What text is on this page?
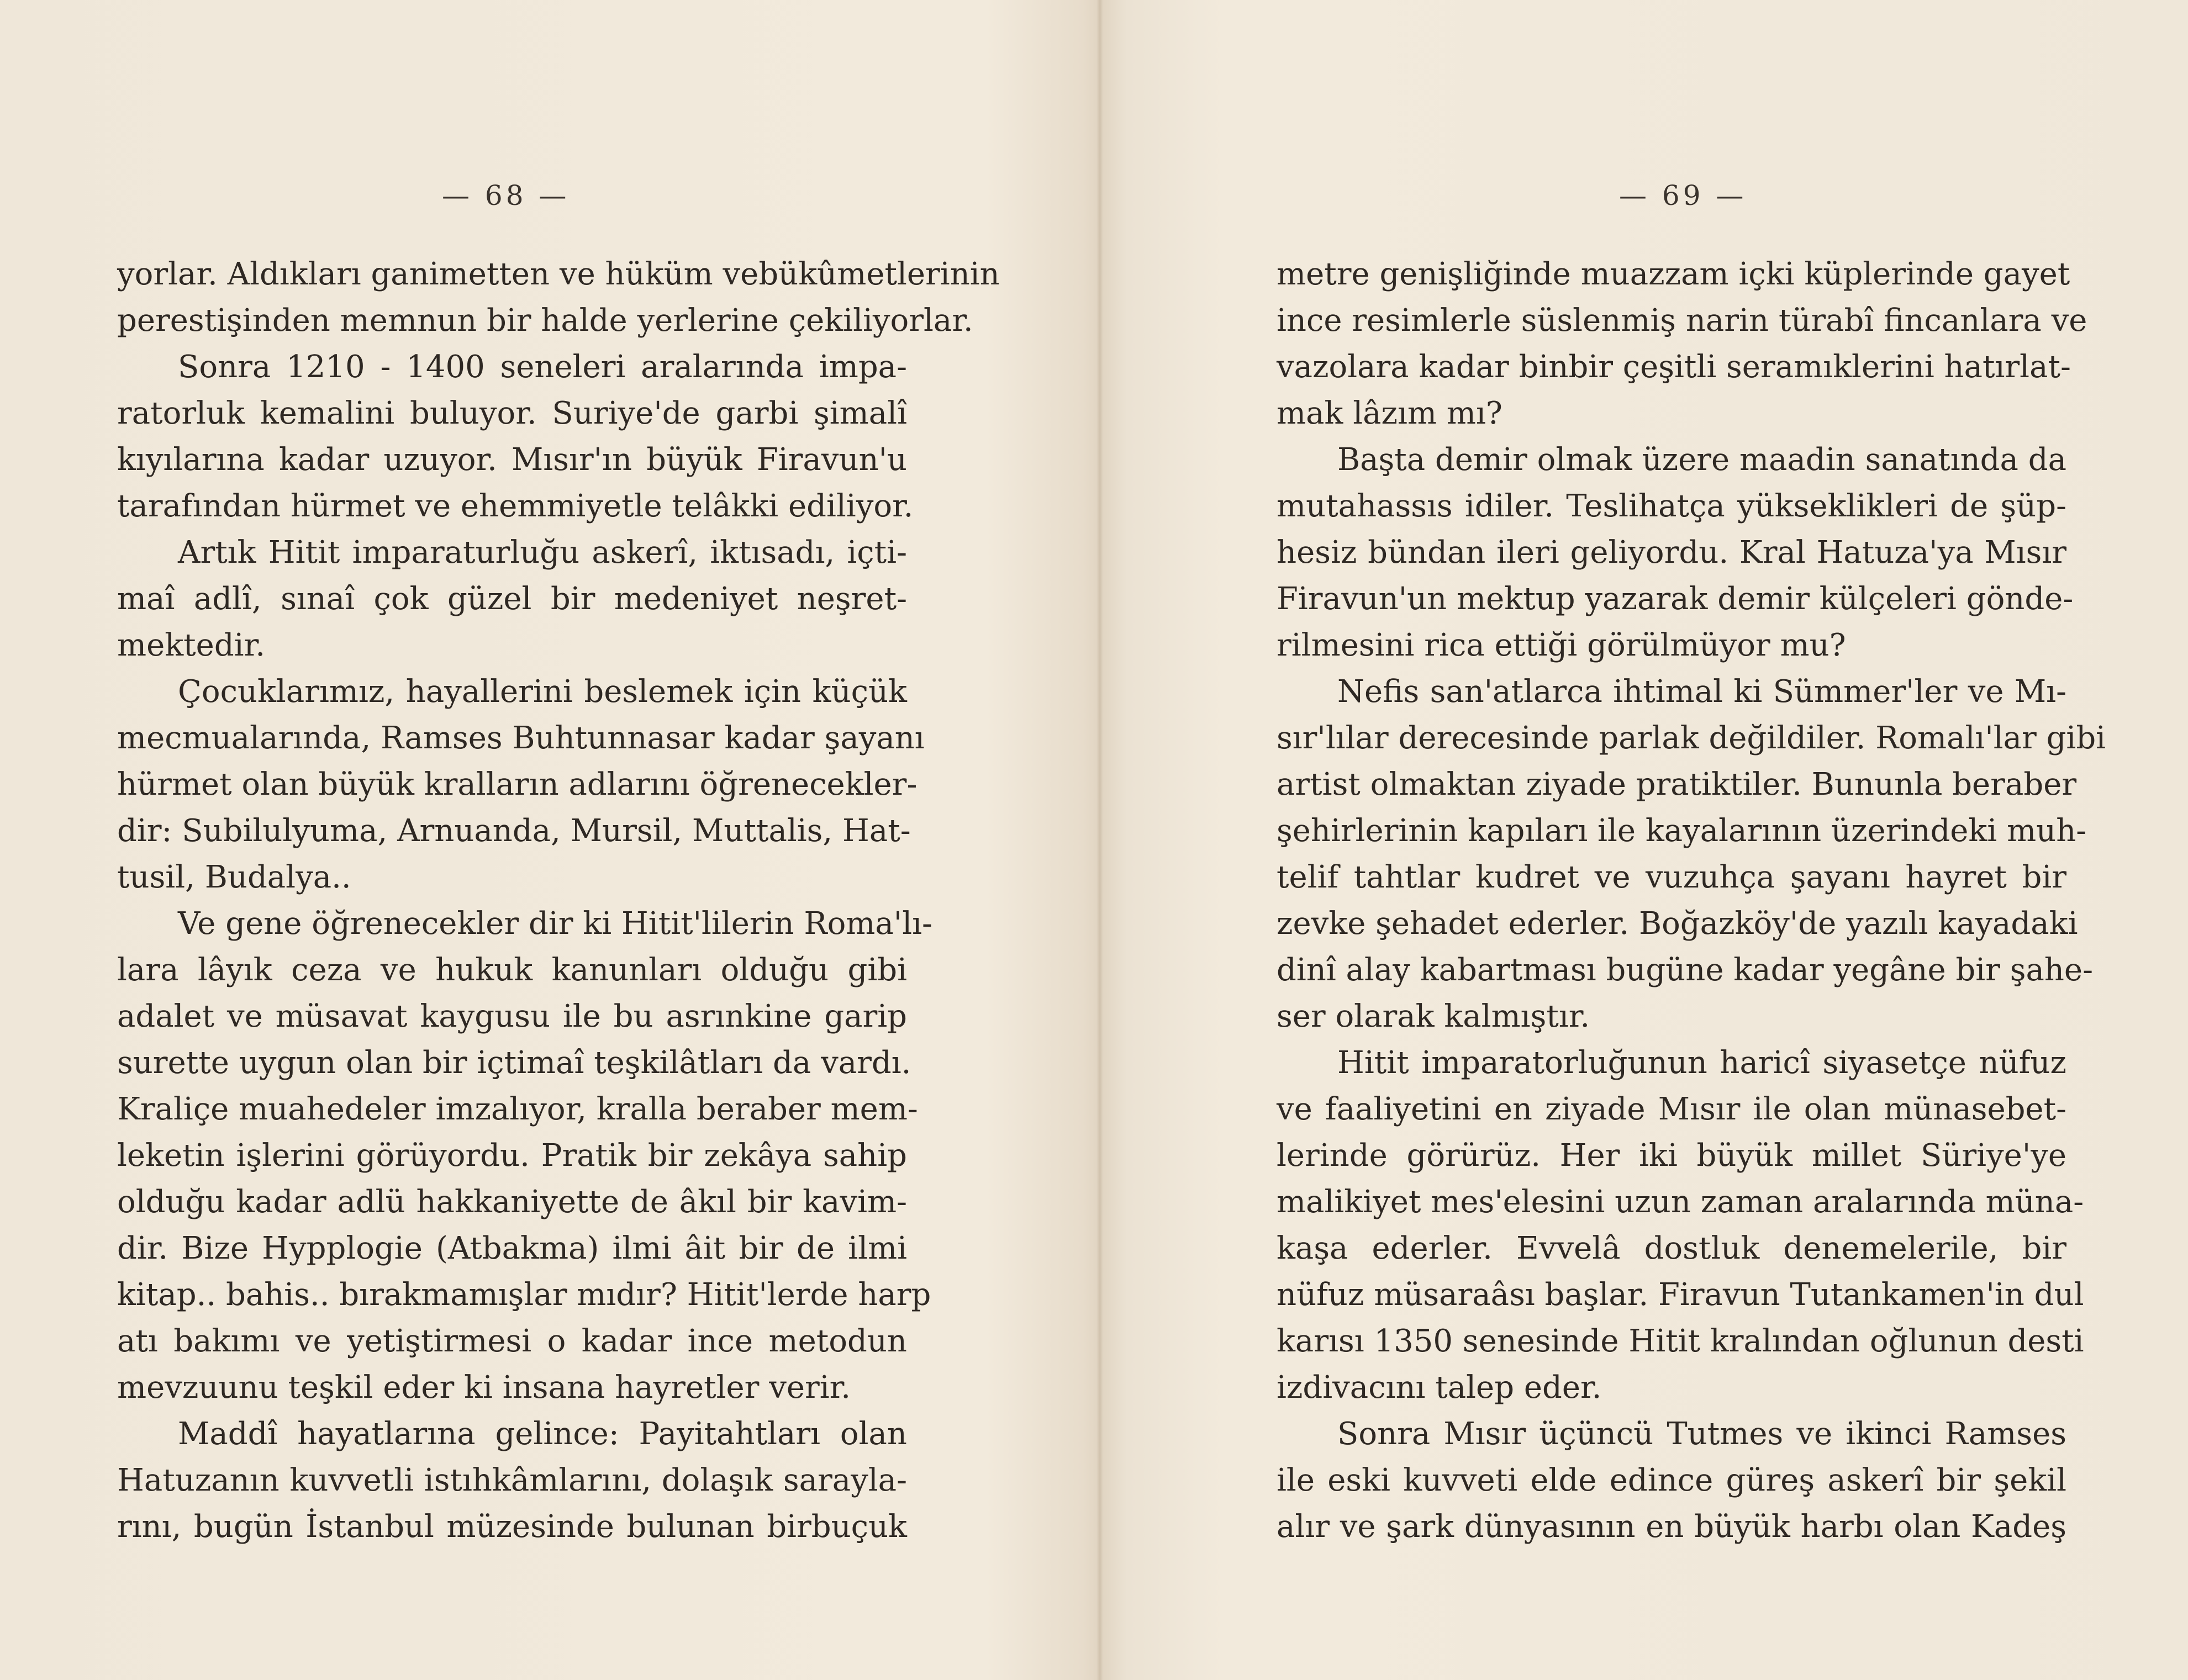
— 68 —
yorlar. Aldıkları ganimetten ve hüküm vebükûmetlerinin
perestişinden memnun bir halde yerlerine çekiliyorlar.
Sonra 1210 - 1400 seneleri aralarında impa-
ratorluk kemalini buluyor. Suriye'de garbi şimalî
kıyılarına kadar uzuyor. Mısır'ın büyük Firavun'u
tarafından hürmet ve ehemmiyetle telâkki ediliyor.
Artık Hitit imparaturluğu askerî, iktısadı, içti-
maî adlî, sınaî çok güzel bir medeniyet neşret-
mektedir.
Çocuklarımız, hayallerini beslemek için küçük
mecmualarında, Ramses Buhtunnasar kadar şayanı
hürmet olan büyük kralların adlarını öğrenecekler-
dir: Subilulyuma, Arnuanda, Mursil, Muttalis, Hat-
tusil, Budalya..
Ve gene öğrenecekler dir ki Hitit'lilerin Roma'lı-
lara lâyık ceza ve hukuk kanunları olduğu gibi
adalet ve müsavat kaygusu ile bu asrınkine garip
surette uygun olan bir içtimaî teşkilâtları da vardı.
Kraliçe muahedeler imzalıyor, kralla beraber mem-
leketin işlerini görüyordu. Pratik bir zekâya sahip
olduğu kadar adlü hakkaniyette de âkıl bir kavim-
dir. Bize Hypplogie (Atbakma) ilmi âit bir de ilmi
kitap.. bahis.. bırakmamışlar mıdır? Hitit'lerde harp
atı bakımı ve yetiştirmesi o kadar ince metodun
mevzuunu teşkil eder ki insana hayretler verir.
Maddî hayatlarına gelince: Payitahtları olan
Hatuzanın kuvvetli istıhkâmlarını, dolaşık sarayla-
rını, bugün İstanbul müzesinde bulunan birbuçuk
— 69 —
metre genişliğinde muazzam içki küplerinde gayet
ince resimlerle süslenmiş narin türabî fincanlara ve
vazolara kadar binbir çeşitli seramıklerini hatırlat-
mak lâzım mı?
Başta demir olmak üzere maadin sanatında da
mutahassıs idiler. Teslihatça yükseklikleri de şüp-
hesiz bündan ileri geliyordu. Kral Hatuza'ya Mısır
Firavun'un mektup yazarak demir külçeleri gönde-
rilmesini rica ettiği görülmüyor mu?
Nefis san'atlarca ihtimal ki Sümmer'ler ve Mı-
sır'lılar derecesinde parlak değildiler. Romalı'lar gibi
artist olmaktan ziyade pratiktiler. Bununla beraber
şehirlerinin kapıları ile kayalarının üzerindeki muh-
telif tahtlar kudret ve vuzuhça şayanı hayret bir
zevke şehadet ederler. Boğazköy'de yazılı kayadaki
dinî alay kabartması bugüne kadar yegâne bir şahe-
ser olarak kalmıştır.
Hitit imparatorluğunun haricî siyasetçe nüfuz
ve faaliyetini en ziyade Mısır ile olan münasebet-
lerinde görürüz. Her iki büyük millet Süriye'ye
malikiyet mes'elesini uzun zaman aralarında müna-
kaşa ederler. Evvelâ dostluk denemelerile, bir
nüfuz müsaraâsı başlar. Firavun Tutankamen'in dul
karısı 1350 senesinde Hitit kralından oğlunun desti
izdivacını talep eder.
Sonra Mısır üçüncü Tutmes ve ikinci Ramses
ile eski kuvveti elde edince güreş askerî bir şekil
alır ve şark dünyasının en büyük harbı olan Kadeş
